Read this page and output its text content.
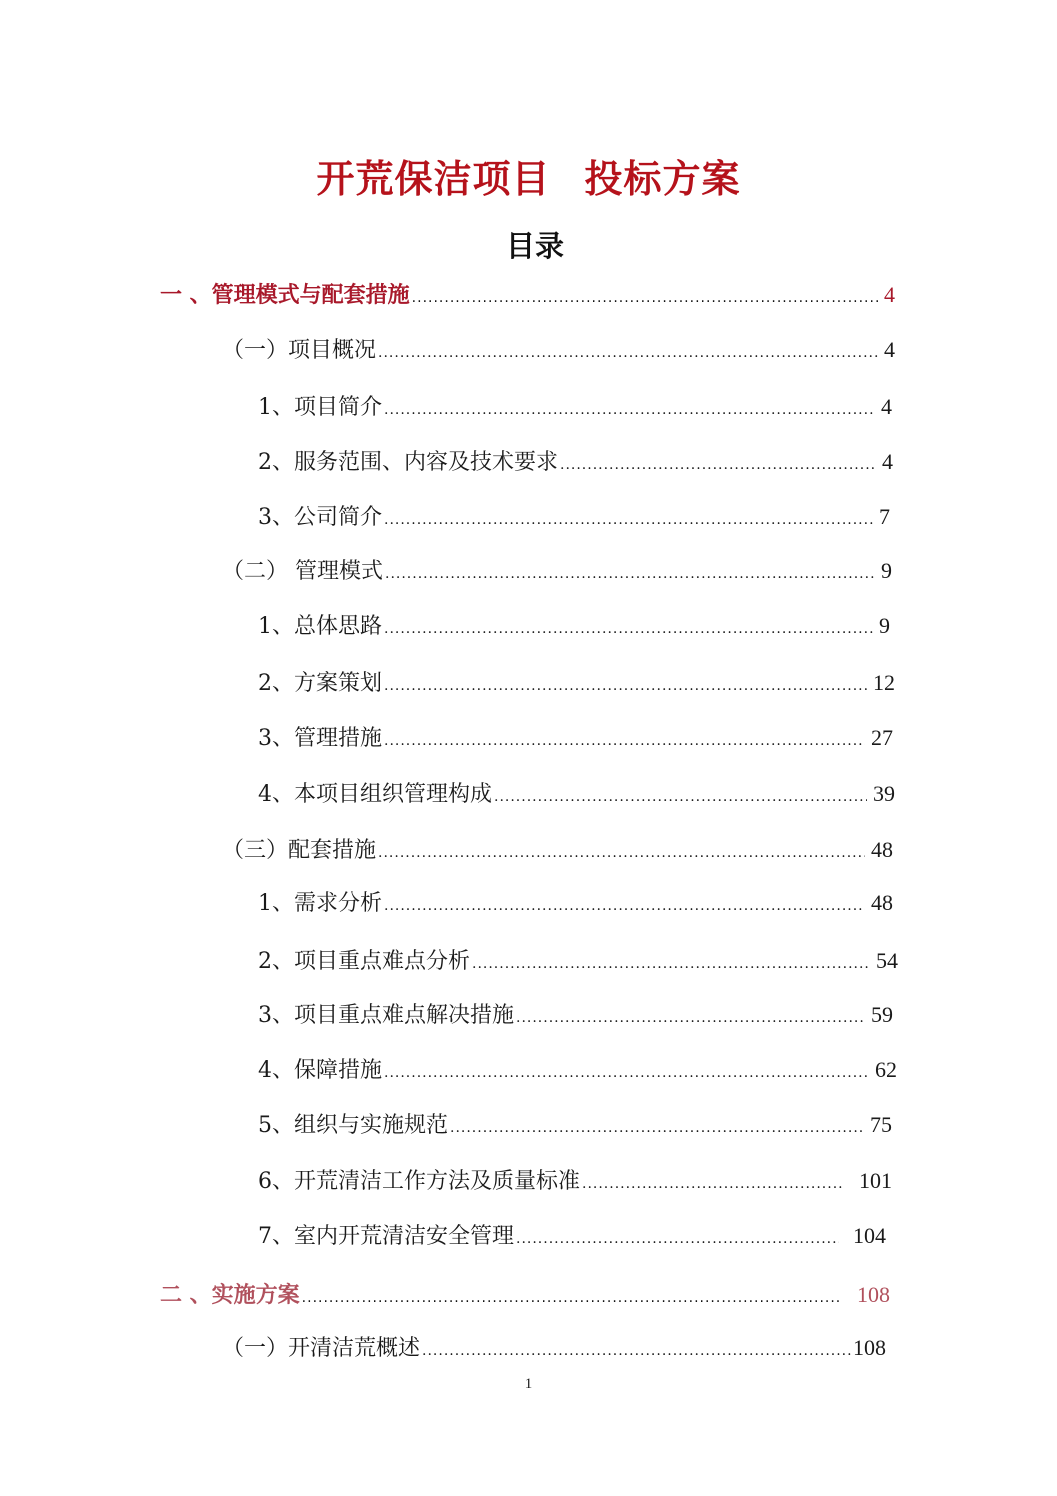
开荒保洁项目 投标方案
目录
一 、管理模式与配套措施 .....	4
（一）项目概况 .....	4
1、项目简介 .....	4
2、服务范围、内容及技术要求 .....	4
3、公司简介 .....	7
（二） 管理模式 .....	9
1、总体思路 .....	9
2、方案策划 .....	12
3、管理措施 .....	27
4、本项目组织管理构成 .....	39
（三）配套措施 .....	48
1、需求分析 .....	48
2、项目重点难点分析 .....	54
3、项目重点难点解决措施 .....	59
4、保障措施 .....	62
5、组织与实施规范 .....	75
6、开荒清洁工作方法及质量标准 .....	101
7、室内开荒清洁安全管理 .....	104
二 、实施方案 .....	108
（一）开清洁荒概述 .....	108
1
